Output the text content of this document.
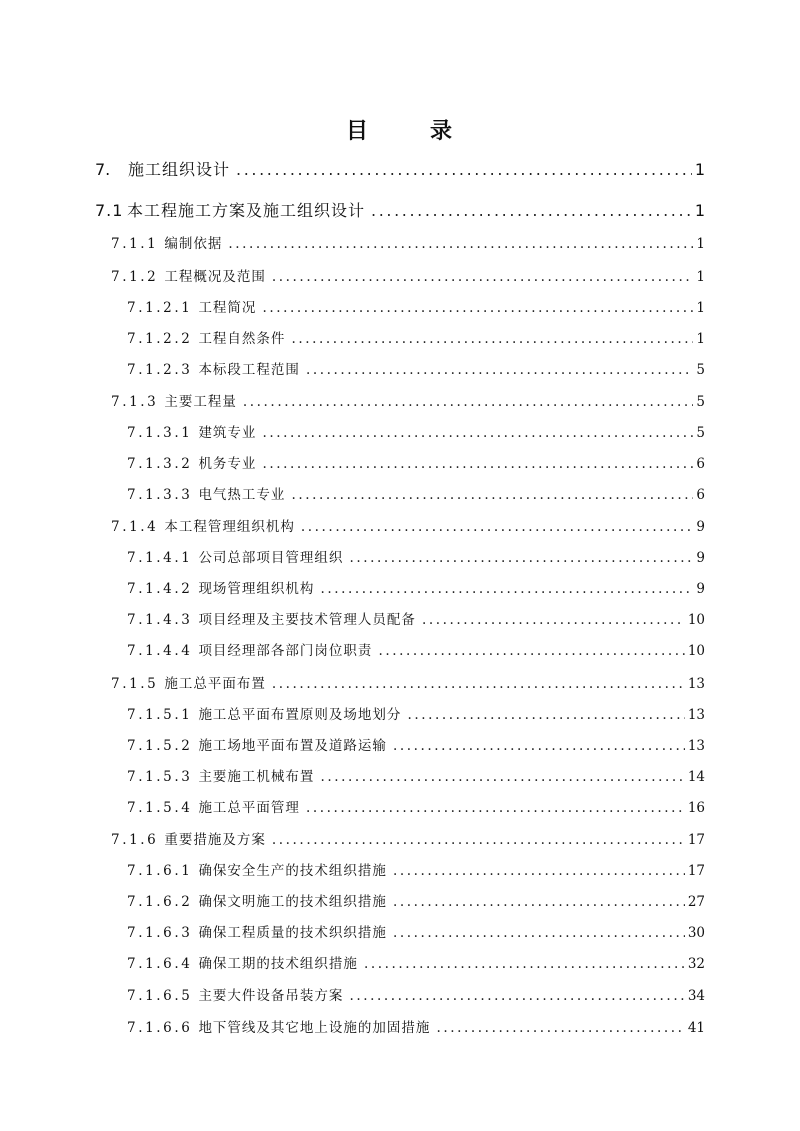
目	录
7.	施工组织设计 .....	1
7.1 本工程施工方案及施工组织设计 .....	1
7.1.1 编制依据 .....	1
7.1.2 工程概况及范围 .....	1
7.1.2.1 工程简况 .....	1
7.1.2.2 工程自然条件 .....	1
7.1.2.3 本标段工程范围 .....	5
7.1.3 主要工程量 .....	5
7.1.3.1 建筑专业 .....	5
7.1.3.2 机务专业 .....	6
7.1.3.3 电气热工专业 .....	6
7.1.4 本工程管理组织机构 .....	9
7.1.4.1 公司总部项目管理组织 .....	9
7.1.4.2 现场管理组织机构 .....	9
7.1.4.3 项目经理及主要技术管理人员配备 .....	10
7.1.4.4 项目经理部各部门岗位职责 .....	10
7.1.5 施工总平面布置 .....	13
7.1.5.1 施工总平面布置原则及场地划分 .....	13
7.1.5.2 施工场地平面布置及道路运输 .....	13
7.1.5.3 主要施工机械布置 .....	14
7.1.5.4 施工总平面管理 .....	16
7.1.6 重要措施及方案 .....	17
7.1.6.1 确保安全生产的技术组织措施 .....	17
7.1.6.2 确保文明施工的技术组织措施 .....	27
7.1.6.3 确保工程质量的技术织织措施 .....	30
7.1.6.4 确保工期的技术组织措施 .....	32
7.1.6.5 主要大件设备吊装方案 .....	34
7.1.6.6 地下管线及其它地上设施的加固措施 .....	41
